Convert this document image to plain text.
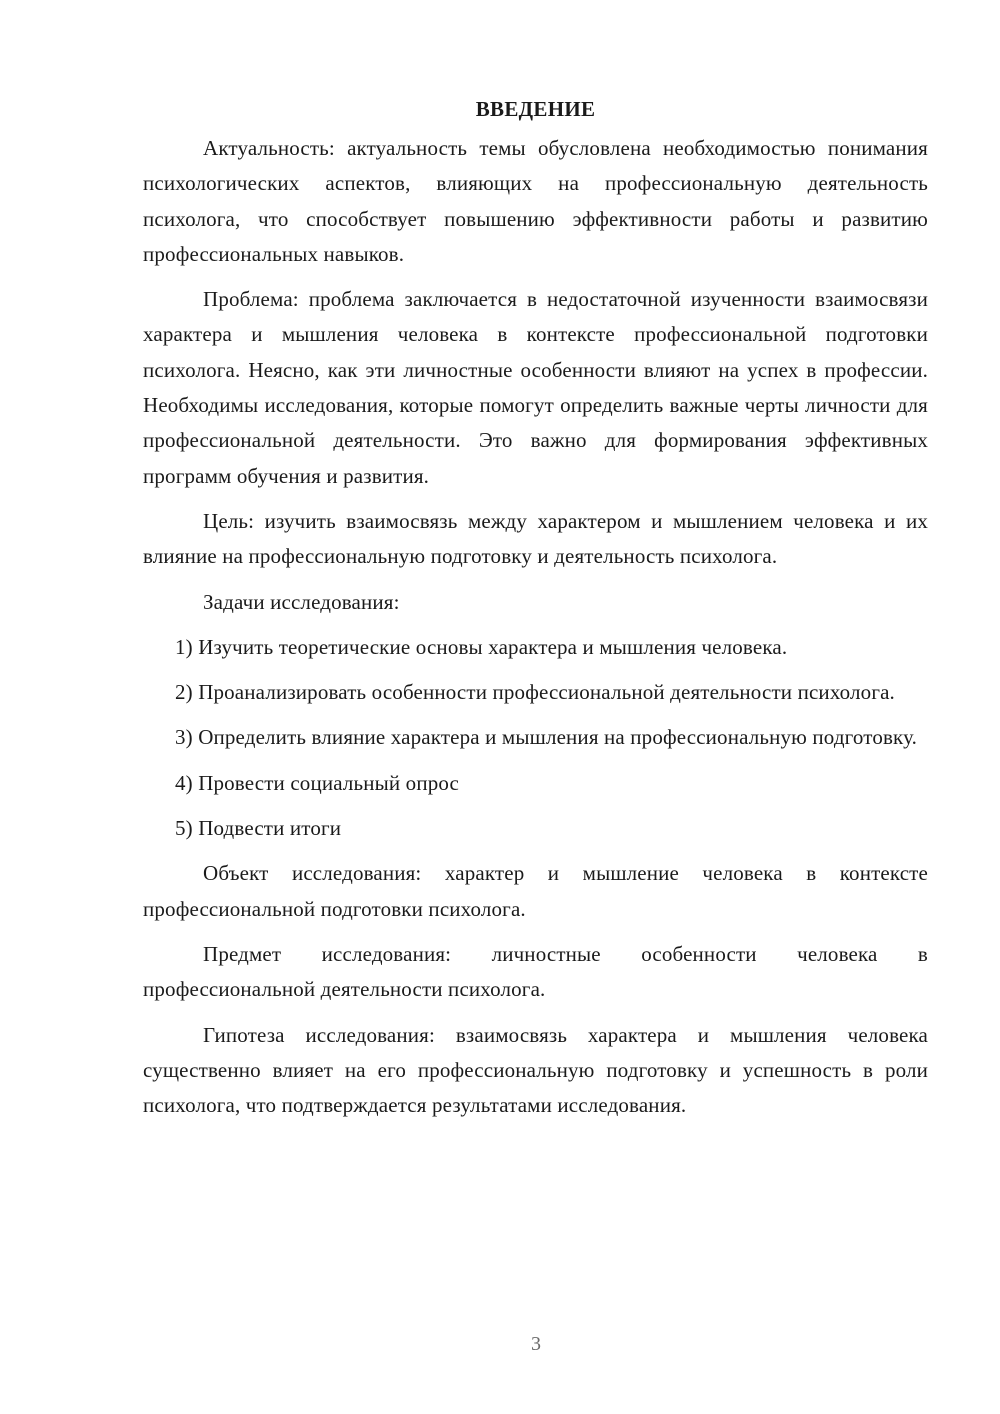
ВВЕДЕНИЕ

Актуальность: актуальность темы обусловлена необходимостью понимания психологических аспектов, влияющих на профессиональную деятельность психолога, что способствует повышению эффективности работы и развитию профессиональных навыков.

Проблема: проблема заключается в недостаточной изученности взаимосвязи характера и мышления человека в контексте профессиональной подготовки психолога. Неясно, как эти личностные особенности влияют на успех в профессии. Необходимы исследования, которые помогут определить важные черты личности для профессиональной деятельности. Это важно для формирования эффективных программ обучения и развития.

Цель: изучить взаимосвязь между характером и мышлением человека и их влияние на профессиональную подготовку и деятельность психолога.

Задачи исследования:

1) Изучить теоретические основы характера и мышления человека.

2) Проанализировать особенности профессиональной деятельности психолога.

3) Определить влияние характера и мышления на профессиональную подготовку.

4) Провести социальный опрос

5) Подвести итоги

Объект исследования: характер и мышление человека в контексте профессиональной подготовки психолога.

Предмет исследования: личностные особенности человека в профессиональной деятельности психолога.

Гипотеза исследования: взаимосвязь характера и мышления человека существенно влияет на его профессиональную подготовку и успешность в роли психолога, что подтверждается результатами исследования.

3
